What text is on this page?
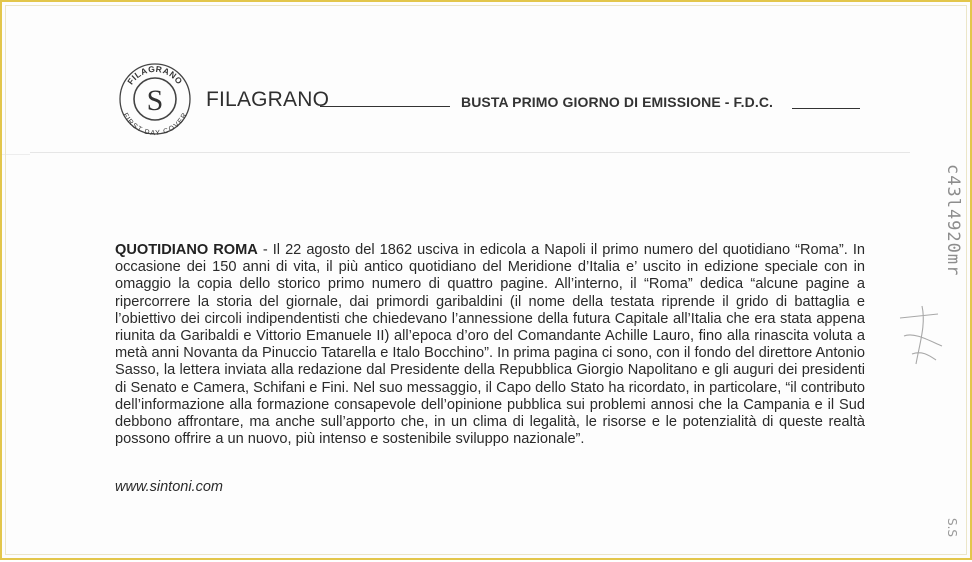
FILAGRANO
FIRST DAY COVER
S FILAGRANO	BUSTA PRIMO GIORNO DI EMISSIONE - F.D.C.
QUOTIDIANO ROMA - Il 22 agosto del 1862 usciva in edicola a Napoli il primo numero del quotidiano “Roma”. In occasione dei 150 anni di vita, il più antico quotidiano del Meridione d’Italia e’ uscito in edizione speciale con in omaggio la copia dello storico primo numero di quattro pagine. All’interno, il “Roma” dedica “alcune pagine a ripercorrere la storia del giornale, dai primordi garibaldini (il nome della testata riprende il grido di battaglia e l’obiettivo dei circoli indipendentisti che chiedevano l’annessione della futura Capitale all’Italia che era stata appena riunita da Garibaldi e Vittorio Emanuele II) all’epoca d’oro del Comandante Achille Lauro, fino alla rinascita voluta a metà anni Novanta da Pinuccio Tatarella e Italo Bocchino”. In prima pagina ci sono, con il fondo del direttore Antonio Sasso, la lettera inviata alla redazione dal Presidente della Repubblica Giorgio Napolitano e gli auguri dei presidenti di Senato e Camera, Schifani e Fini. Nel suo messaggio, il Capo dello Stato ha ricordato, in particolare, “il contributo dell’informazione alla formazione consapevole dell’opinione pubblica sui problemi annosi che la Campania e il Sud debbono affrontare, ma anche sull’apporto che, in un clima di legalità, le risorse e le potenzialità di queste realtà possono offrire a un nuovo, più intenso e sostenibile sviluppo nazionale”.
www.sintoni.com
c43l4920mr
S.S
